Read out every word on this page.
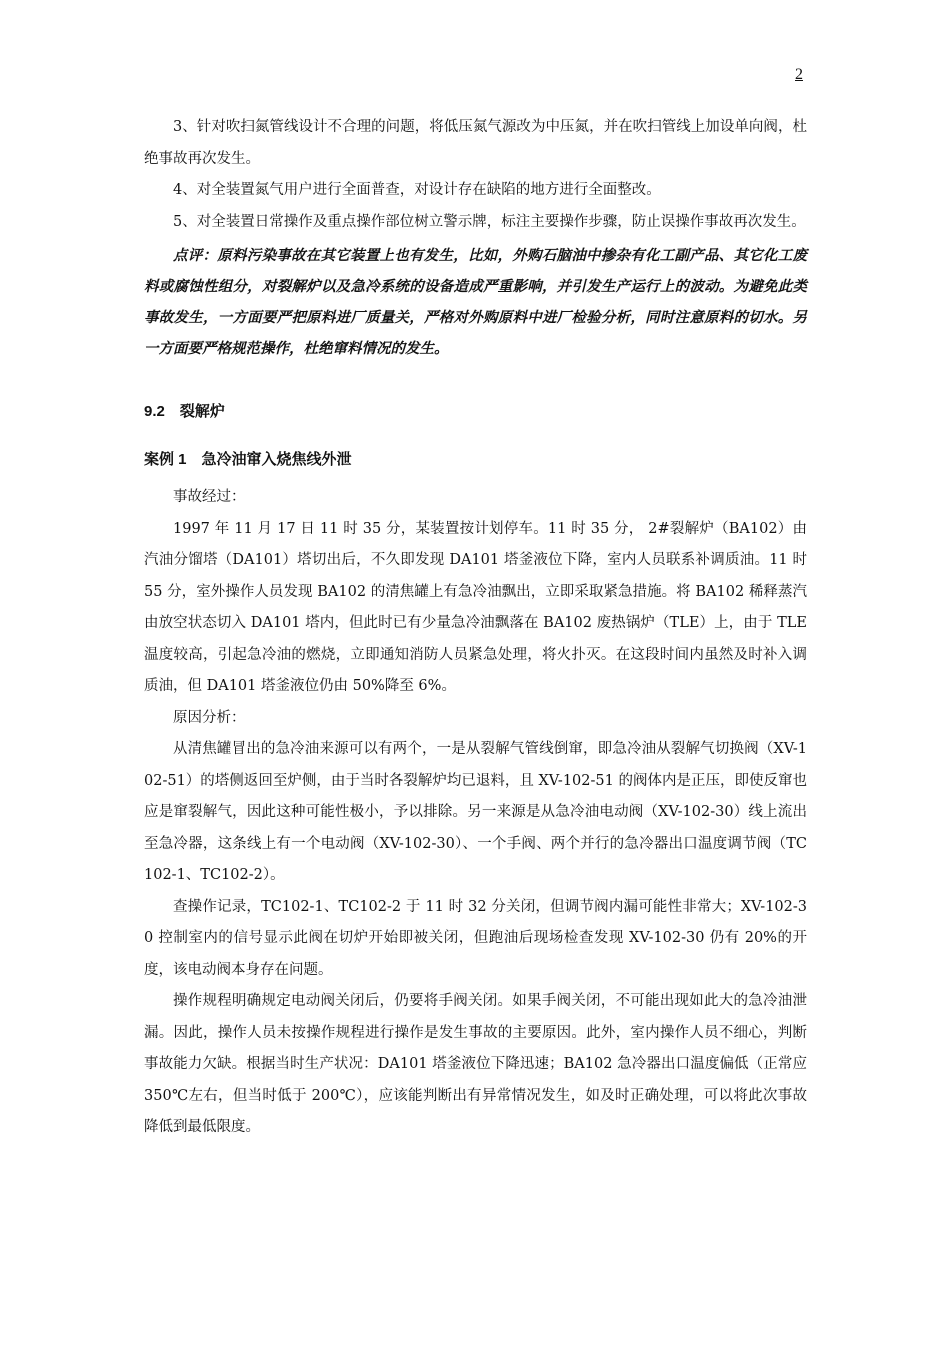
2

3、针对吹扫氮管线设计不合理的问题，将低压氮气源改为中压氮，并在吹扫管线上加设单向阀，杜绝事故再次发生。

4、对全装置氮气用户进行全面普查，对设计存在缺陷的地方进行全面整改。

5、对全装置日常操作及重点操作部位树立警示牌，标注主要操作步骤，防止误操作事故再次发生。

点评：原料污染事故在其它装置上也有发生，比如，外购石脑油中掺杂有化工副产品、其它化工废料或腐蚀性组分，对裂解炉以及急冷系统的设备造成严重影响，并引发生产运行上的波动。为避免此类事故发生，一方面要严把原料进厂质量关，严格对外购原料中进厂检验分析，同时注意原料的切水。另一方面要严格规范操作，杜绝窜料情况的发生。

9.2　裂解炉
案例 1　急冷油窜入烧焦线外泄

事故经过：

1997 年 11 月 17 日 11 时 35 分，某装置按计划停车。11 时 35 分， 2#裂解炉（BA102）由汽油分馏塔（DA101）塔切出后，不久即发现 DA101 塔釜液位下降，室内人员联系补调质油。11 时 55 分，室外操作人员发现 BA102 的清焦罐上有急冷油飘出，立即采取紧急措施。将 BA102 稀释蒸汽由放空状态切入 DA101 塔内，但此时已有少量急冷油飘落在 BA102 废热锅炉（TLE）上，由于 TLE 温度较高，引起急冷油的燃烧，立即通知消防人员紧急处理，将火扑灭。在这段时间内虽然及时补入调质油，但 DA101 塔釜液位仍由 50%降至 6%。

原因分析：

从清焦罐冒出的急冷油来源可以有两个，一是从裂解气管线倒窜，即急冷油从裂解气切换阀（XV-102-51）的塔侧返回至炉侧，由于当时各裂解炉均已退料，且 XV-102-51 的阀体内是正压，即使反窜也应是窜裂解气，因此这种可能性极小，予以排除。另一来源是从急冷油电动阀（XV-102-30）线上流出至急冷器，这条线上有一个电动阀（XV-102-30）、一个手阀、两个并行的急冷器出口温度调节阀（TC102-1、TC102-2）。

查操作记录，TC102-1、TC102-2 于 11 时 32 分关闭，但调节阀内漏可能性非常大；XV-102-30 控制室内的信号显示此阀在切炉开始即被关闭，但跑油后现场检查发现 XV-102-30 仍有 20%的开度，该电动阀本身存在问题。

操作规程明确规定电动阀关闭后，仍要将手阀关闭。如果手阀关闭，不可能出现如此大的急冷油泄漏。因此，操作人员未按操作规程进行操作是发生事故的主要原因。此外，室内操作人员不细心，判断事故能力欠缺。根据当时生产状况：DA101 塔釜液位下降迅速；BA102 急冷器出口温度偏低（正常应 350℃左右，但当时低于 200℃），应该能判断出有异常情况发生，如及时正确处理，可以将此次事故降低到最低限度。
